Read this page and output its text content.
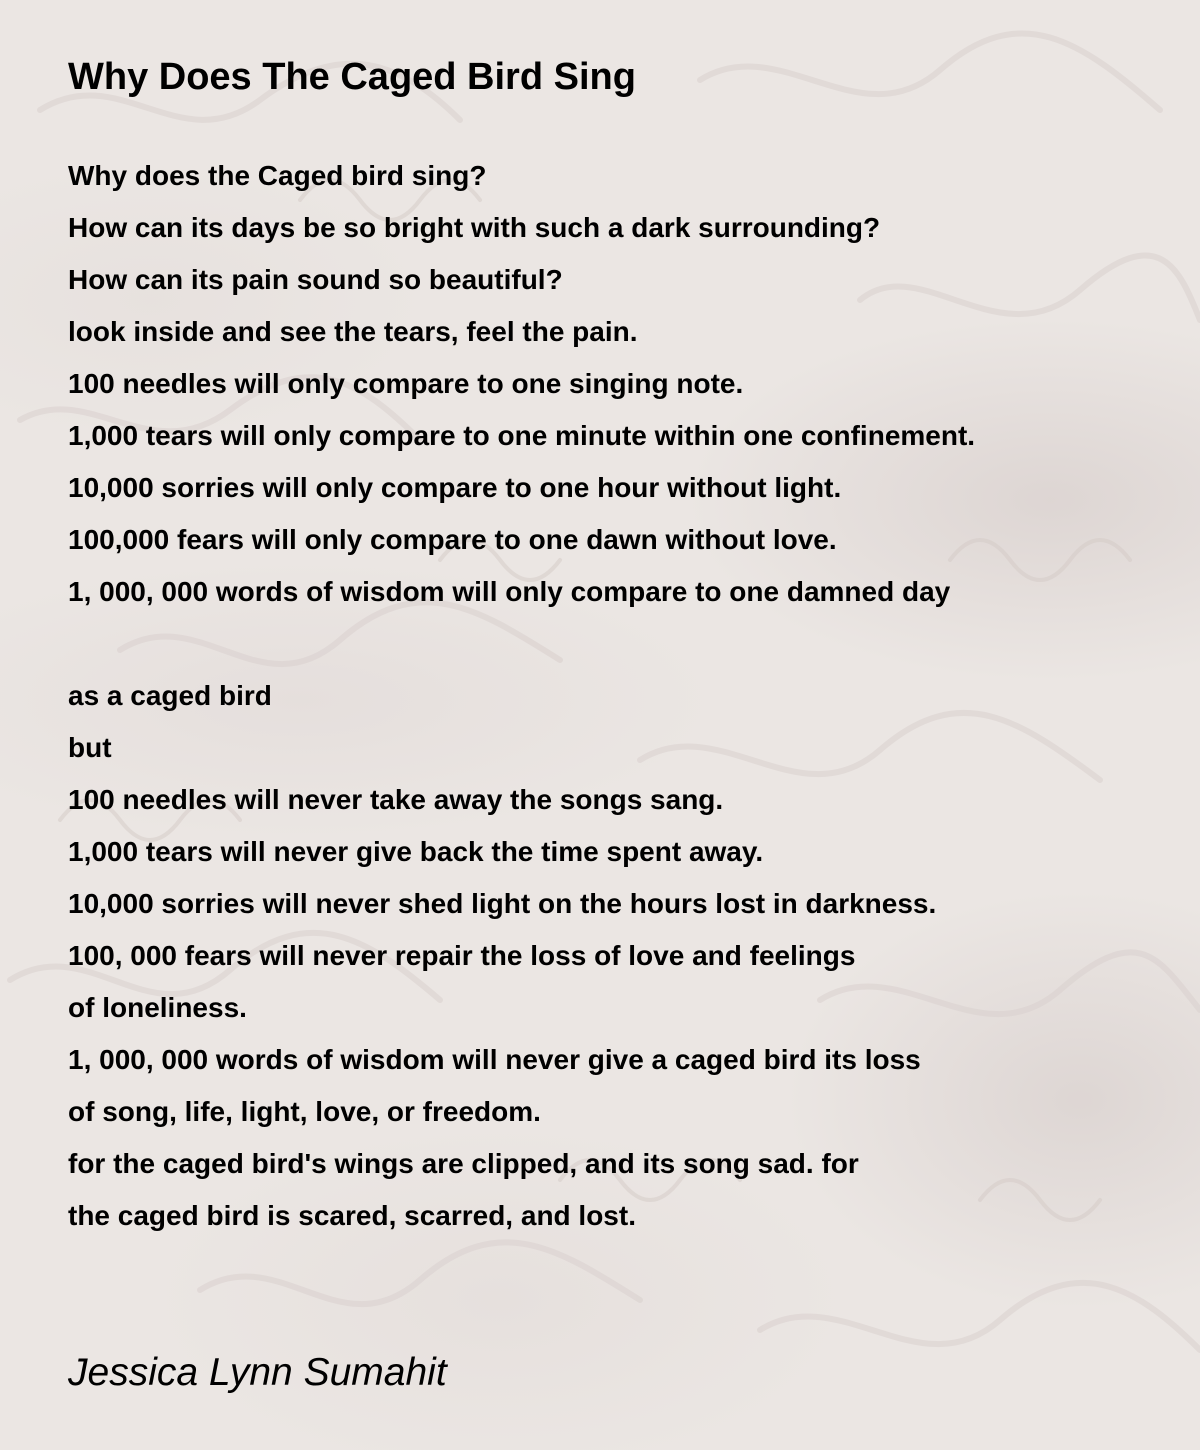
Why Does The Caged Bird Sing
Why does the Caged bird sing?
How can its days be so bright with such a dark surrounding?
How can its pain sound so beautiful?
look inside and see the tears, feel the pain.
100 needles will only compare to one singing note.
1,000 tears will only compare to one minute within one confinement.
10,000 sorries will only compare to one hour without light.
100,000 fears will only compare to one dawn without love.
1, 000, 000 words of wisdom will only compare to one damned day
as a caged bird
but
100 needles will never take away the songs sang.
1,000 tears will never give back the time spent away.
10,000 sorries will never shed light on the hours lost in darkness.
100, 000 fears will never repair the loss of love and feelings
of loneliness.
1, 000, 000 words of wisdom will never give a caged bird its loss
of song, life, light, love, or freedom.
for the caged bird's wings are clipped, and its song sad. for
the caged bird is scared, scarred, and lost.

Jessica Lynn Sumahit
